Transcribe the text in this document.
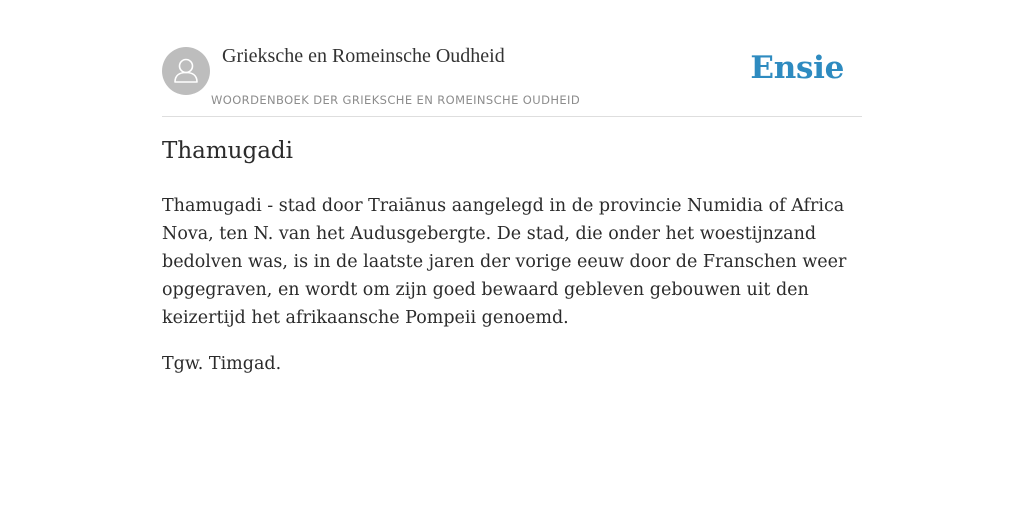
Grieksche en Romeinsche Oudheid
WOORDENBOEK DER GRIEKSCHE EN ROMEINSCHE OUDHEID
Ensie
Thamugadi

Thamugadi - stad door Traiānus aangelegd in de provincie Numidia of Africa Nova, ten N. van het Audusgebergte. De stad, die onder het woestijnzand bedolven was, is in de laatste jaren der vorige eeuw door de Franschen weer opgegraven, en wordt om zijn goed bewaard gebleven gebouwen uit den keizertijd het afrikaansche Pompeii genoemd.

Tgw. Timgad.
